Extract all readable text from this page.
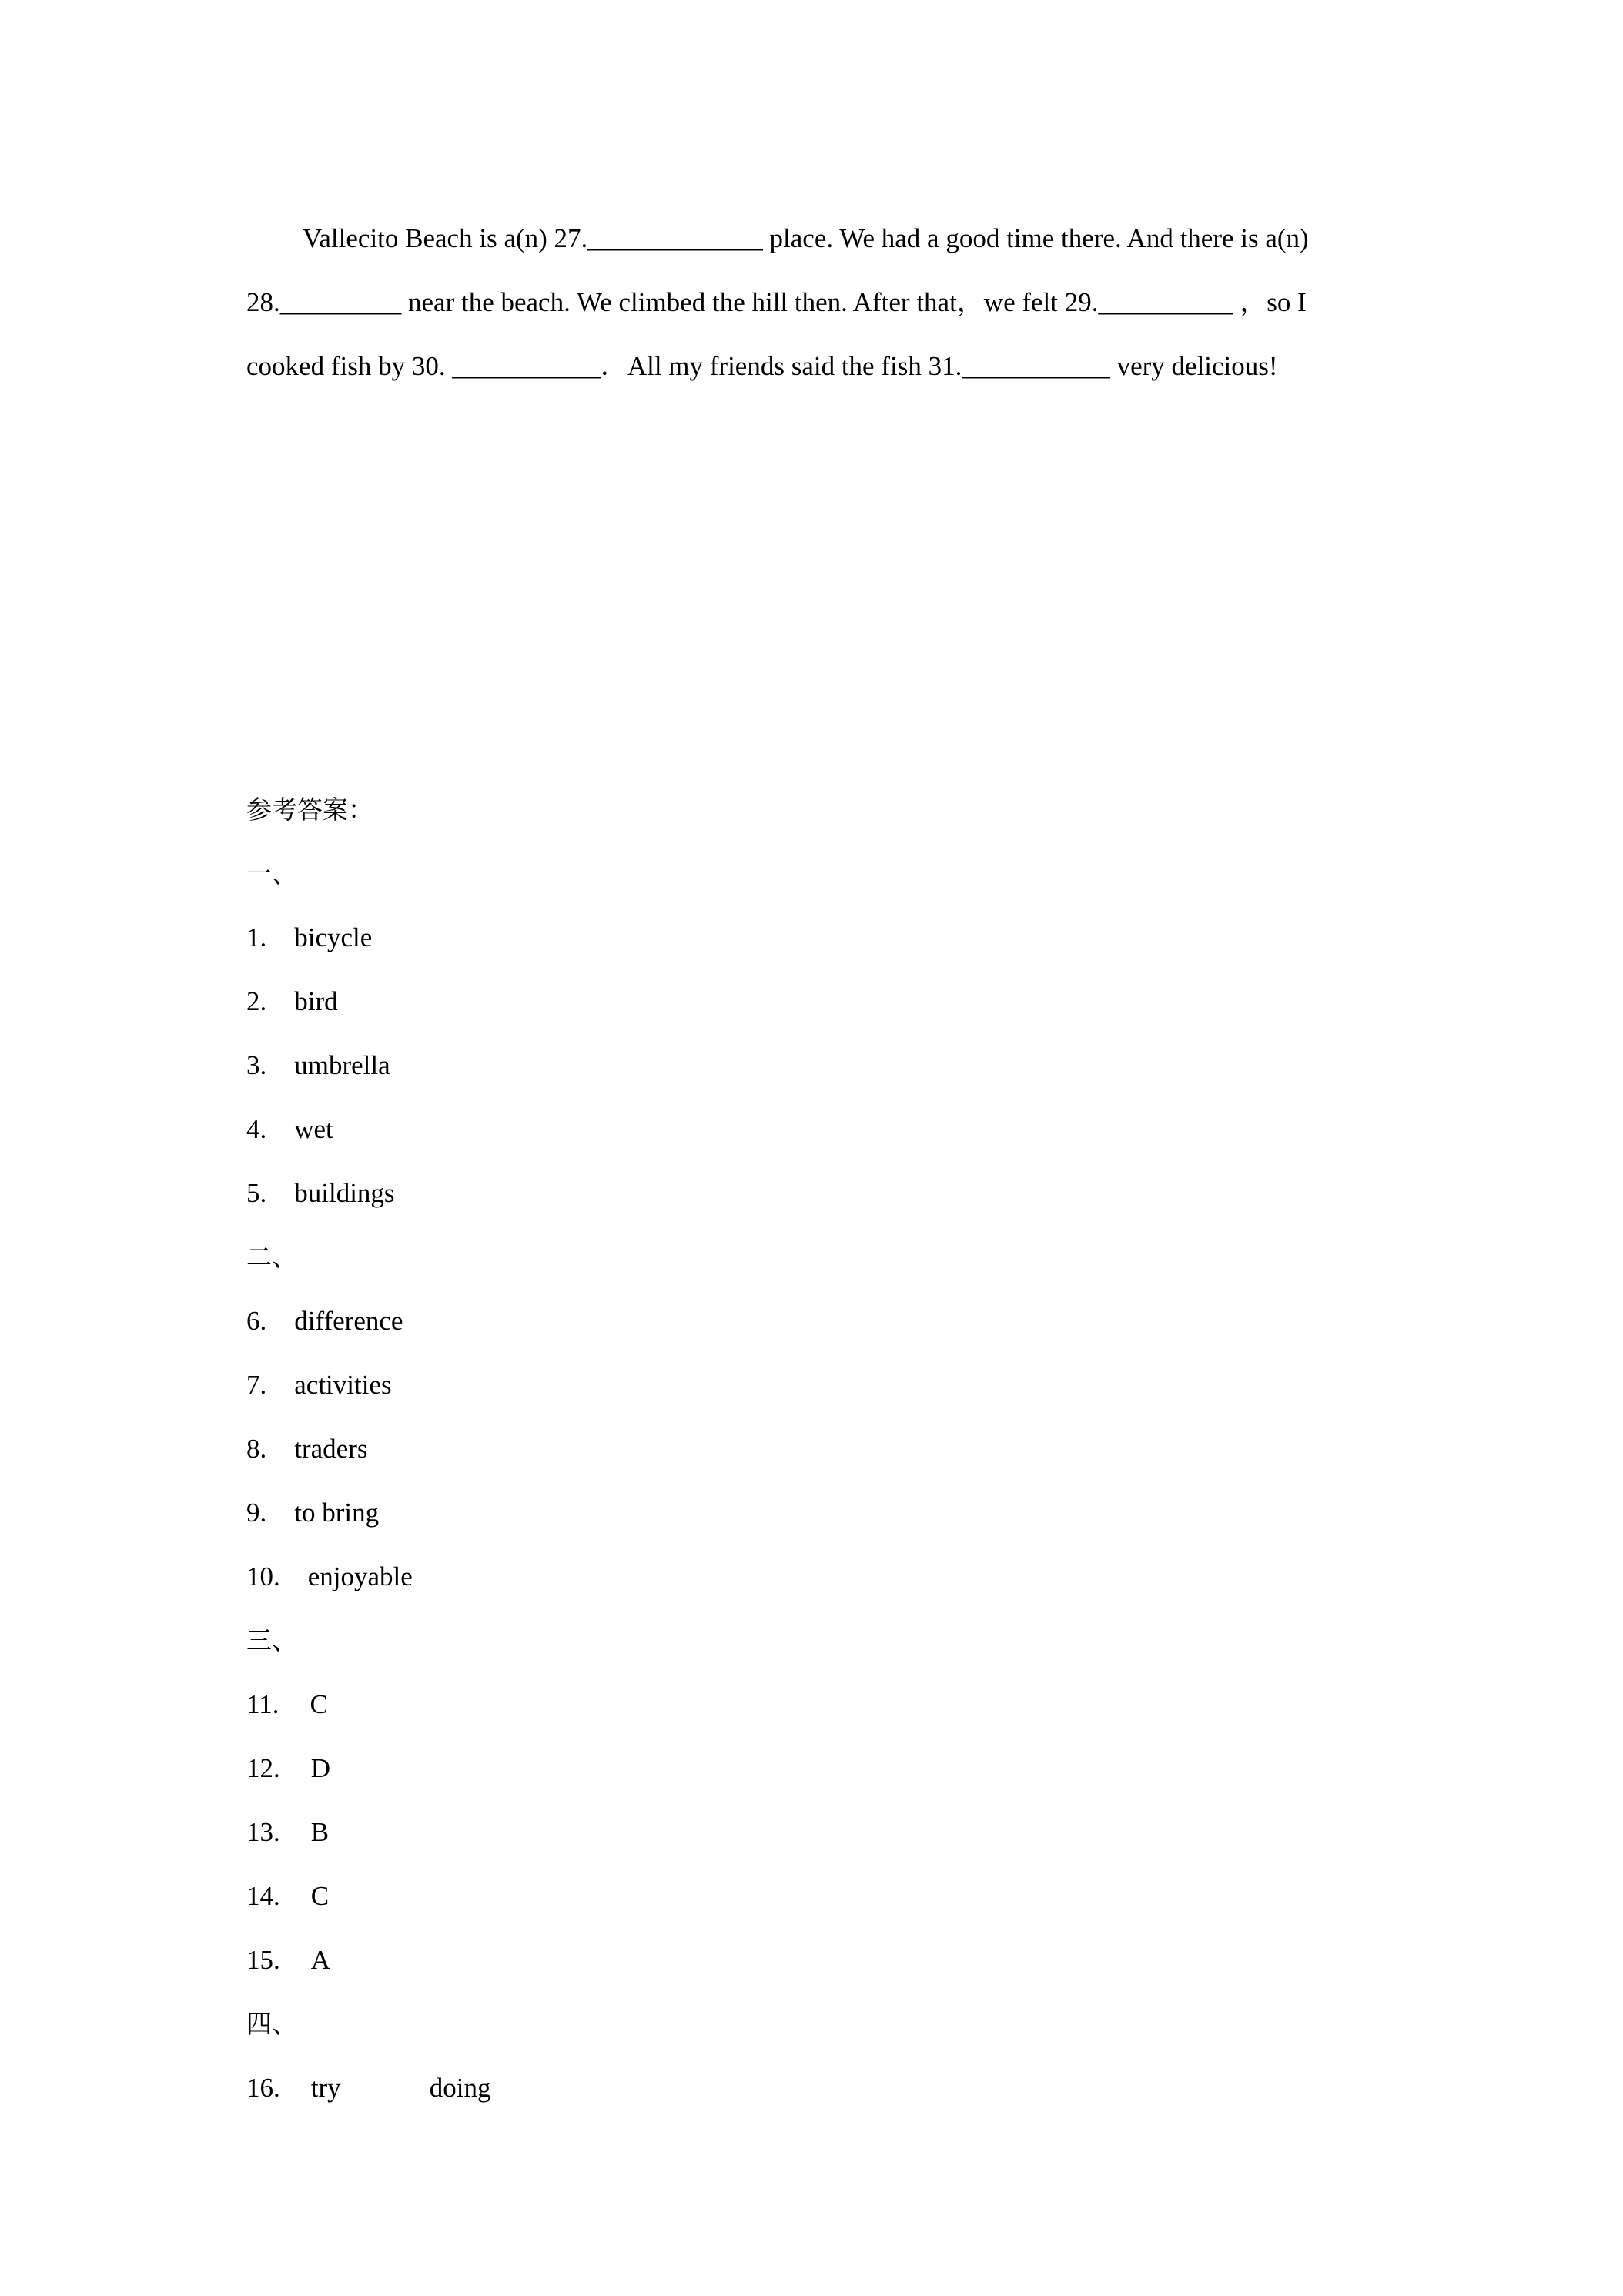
Vallecito Beach is a(n) 27._____________ place. We had a good time there. And there is a(n)
28._________ near the beach. We climbed the hill then. After that，we felt 29.__________ ，so I
cooked fish by 30. ___________．All my friends said the fish 31.___________ very delicious!
参考答案：
一、
1. bicycle
2. bird
3. umbrella
4. wet
5. buildings
二、
6. difference
7. activities
8. traders
9. to bring
10. enjoyable
三、
11. C
12. D
13. B
14. C
15. A
四、
16. try	doing
